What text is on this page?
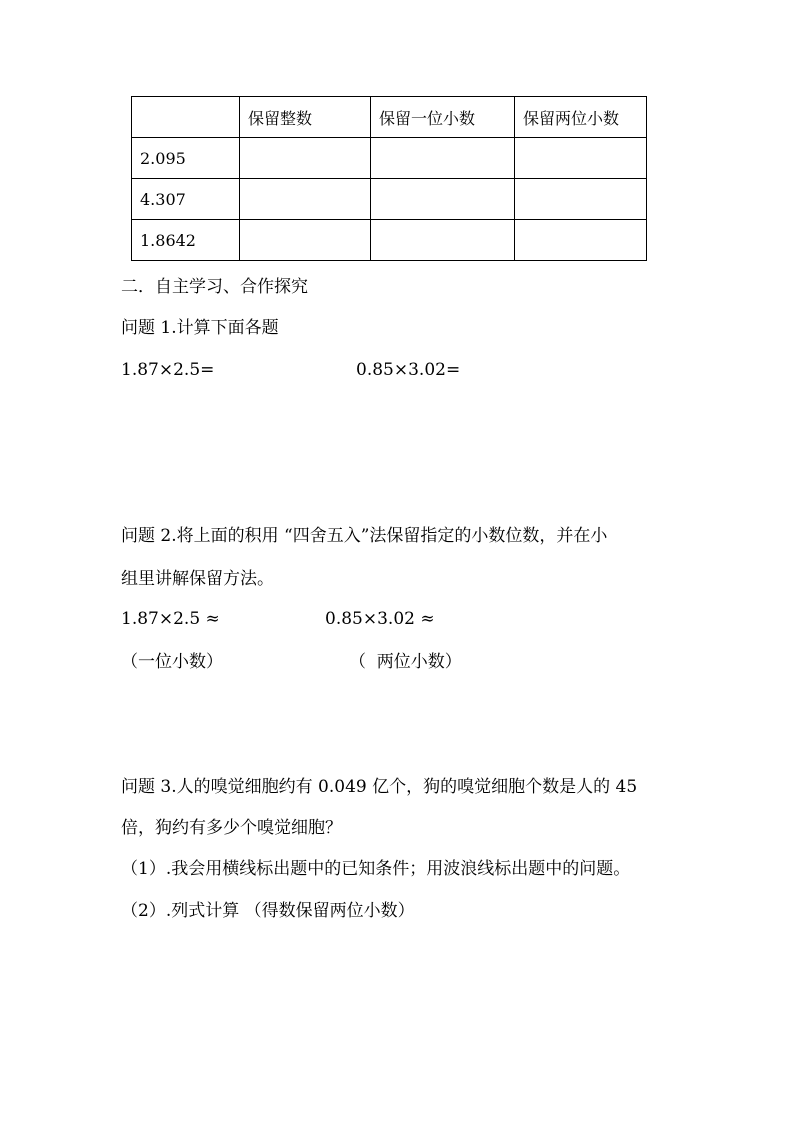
	保留整数	保留一位小数	保留两位小数
2.095			
4.307			
1.8642			
二．自主学习、合作探究
问题 1.计算下面各题
1.87×2.5=	0.85×3.02=
问题 2.将上面的积用 “四舍五入”法保留指定的小数位数，并在小
组里讲解保留方法。
1.87×2.5 ≈	0.85×3.02 ≈
（一位小数）	（  两位小数）
问题 3.人的嗅觉细胞约有 0.049 亿个，狗的嗅觉细胞个数是人的 45
倍，狗约有多少个嗅觉细胞？
（1）.我会用横线标出题中的已知条件；用波浪线标出题中的问题。
（2）.列式计算 （得数保留两位小数）
